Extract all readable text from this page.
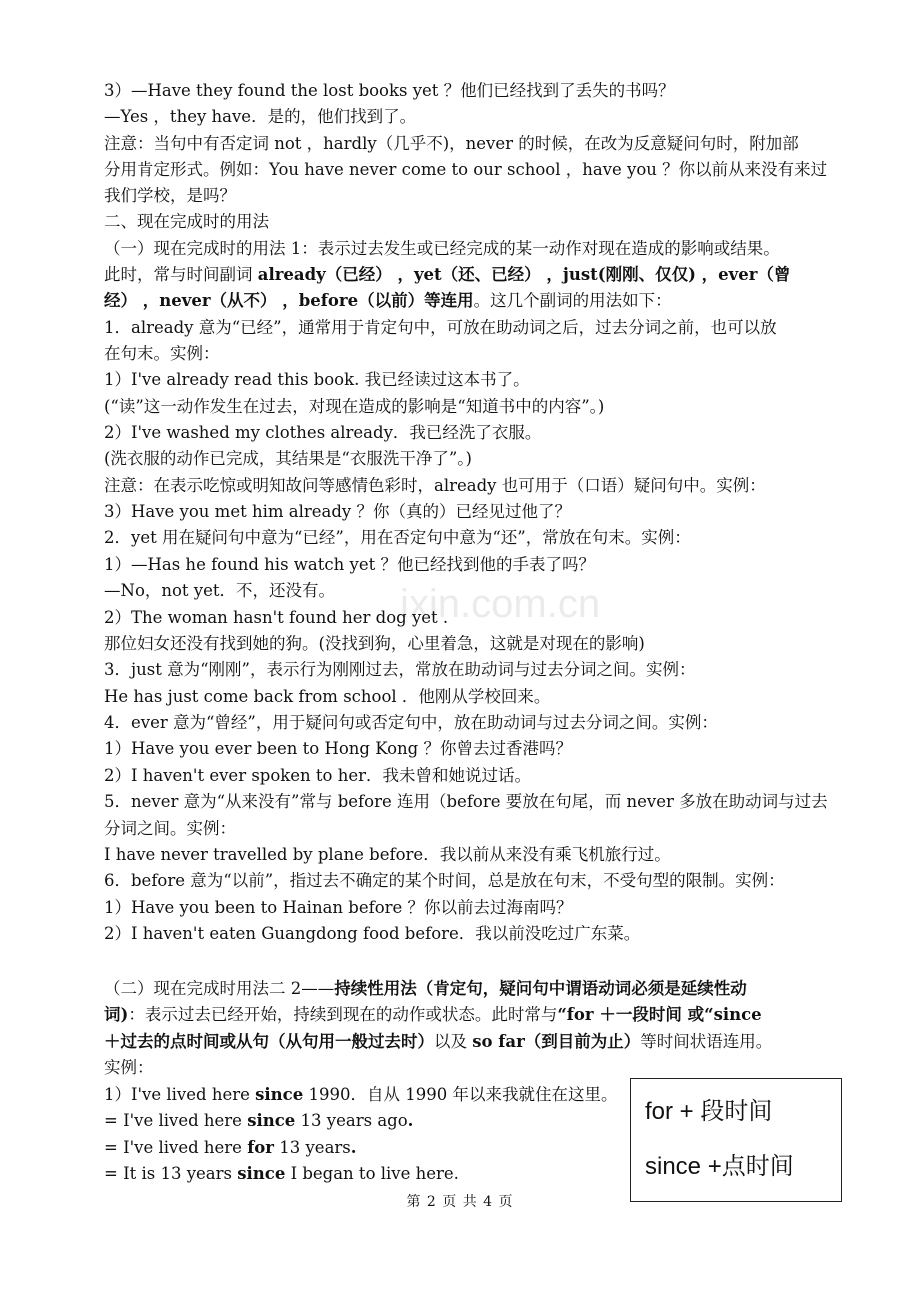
ixin.com.cn
3）—Have they found the lost books yet ？他们已经找到了丢失的书吗？
—Yes ，they have．是的，他们找到了。
注意：当句中有否定词 not ，hardly（几乎不)，never 的时候，在改为反意疑问句时，附加部
分用肯定形式。例如：You have never come to our school ，have you ？你以前从来没有来过
我们学校，是吗？
二、现在完成时的用法
（一）现在完成时的用法 1：表示过去发生或已经完成的某一动作对现在造成的影响或结果。
此时，常与时间副词 already（已经） ，yet（还、已经） ，just(刚刚、仅仅) ，ever（曾
经） ，never（从不） ，before（以前）等连用。这几个副词的用法如下：
1．already 意为“已经”，通常用于肯定句中，可放在助动词之后，过去分词之前，也可以放
在句末。实例：
1）I've already read this book. 我已经读过这本书了。
(“读”这一动作发生在过去，对现在造成的影响是“知道书中的内容”。)
2）I've washed my clothes already．我已经洗了衣服。
(洗衣服的动作已完成，其结果是“衣服洗干净了”。)
注意：在表示吃惊或明知故问等感情色彩时，already 也可用于（口语）疑问句中。实例：
3）Have you met him already ？你（真的）已经见过他了？
2．yet 用在疑问句中意为“已经”，用在否定句中意为“还”，常放在句末。实例：
1）—Has he found his watch yet ？他已经找到他的手表了吗？
—No，not yet．不，还没有。
2）The woman hasn't found her dog yet .
那位妇女还没有找到她的狗。(没找到狗，心里着急，这就是对现在的影响)
3．just 意为“刚刚”，表示行为刚刚过去，常放在助动词与过去分词之间。实例：
He has just come back from school ．他刚从学校回来。
4．ever 意为“曾经”，用于疑问句或否定句中，放在助动词与过去分词之间。实例：
1）Have you ever been to Hong Kong ？你曾去过香港吗？
2）I haven't ever spoken to her．我未曾和她说过话。
5．never 意为“从来没有”常与 before 连用（before 要放在句尾，而 never 多放在助动词与过去
分词之间。实例：
I have never travelled by plane before．我以前从来没有乘飞机旅行过。
6．before 意为“以前”，指过去不确定的某个时间，总是放在句末，不受句型的限制。实例：
1）Have you been to Hainan before ？你以前去过海南吗？
2）I haven't eaten Guangdong food before．我以前没吃过广东菜。
（二）现在完成时用法二 2——持续性用法（肯定句，疑问句中谓语动词必须是延续性动
词)：表示过去已经开始，持续到现在的动作或状态。此时常与“for ＋一段时间 或“since
＋过去的点时间或从句（从句用一般过去时）以及 so far（到目前为止）等时间状语连用。
实例：
1）I've lived here since 1990．自从 1990 年以来我就住在这里。
= I've lived here since 13 years ago.
= I've lived here for 13 years.
= It is 13 years since I began to live here.
for + 段时间
since +点时间
第 2 页 共 4 页
